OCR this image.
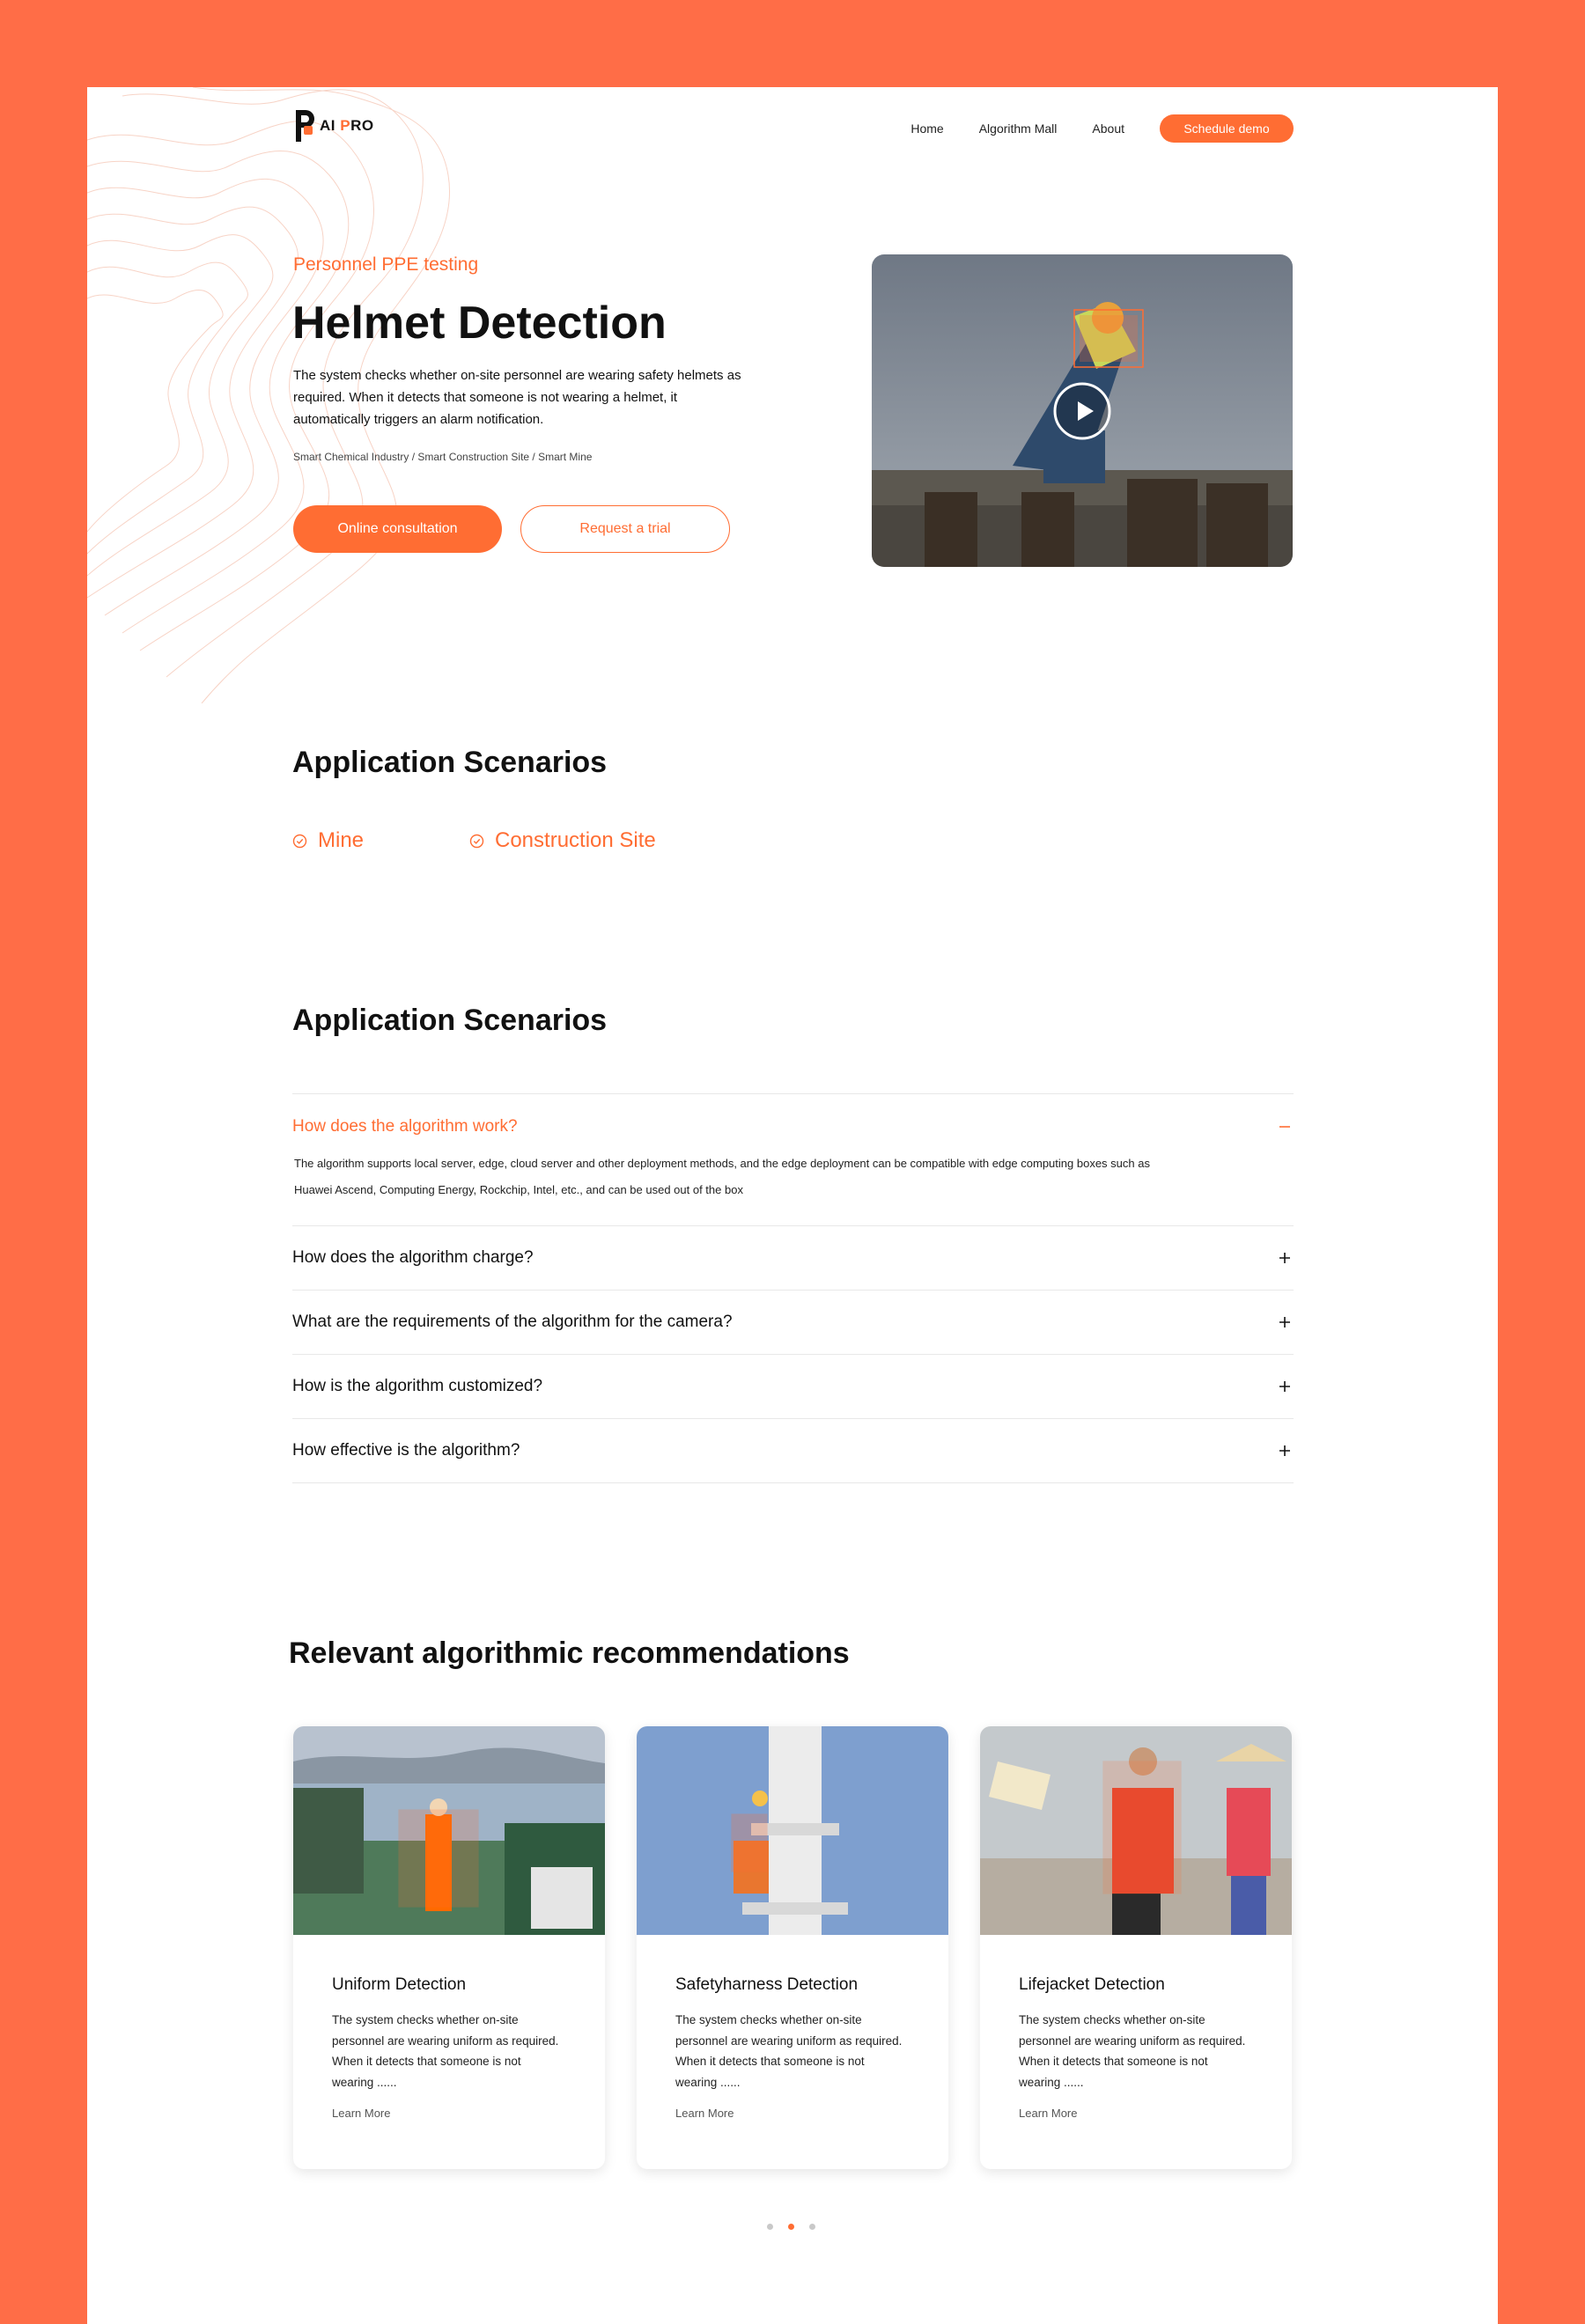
AI PRO	Home	Algorithm Mall	About	Schedule demo
Personnel PPE testing
Helmet Detection

The system checks whether on-site personnel are wearing safety helmets as required. When it detects that someone is not wearing a helmet, it automatically triggers an alarm notification.

Smart Chemical Industry / Smart Construction Site / Smart Mine
Online consultation	Request a trial
Application Scenarios
Mine	Construction Site
Application Scenarios
How does the algorithm work?
The algorithm supports local server, edge, cloud server and other deployment methods, and the edge deployment can be compatible with edge computing boxes such as Huawei Ascend, Computing Energy, Rockchip, Intel, etc., and can be used out of the box
How does the algorithm charge?
What are the requirements of the algorithm for the camera?
How is the algorithm customized?
How effective is the algorithm?
Relevant algorithmic recommendations
Uniform Detection
The system checks whether on-site personnel are wearing uniform as required. When it detects that someone is not wearing ......
Learn More
Safetyharness Detection
The system checks whether on-site personnel are wearing uniform as required. When it detects that someone is not wearing ......
Learn More
Lifejacket Detection
The system checks whether on-site personnel are wearing uniform as required. When it detects that someone is not wearing ......
Learn More
